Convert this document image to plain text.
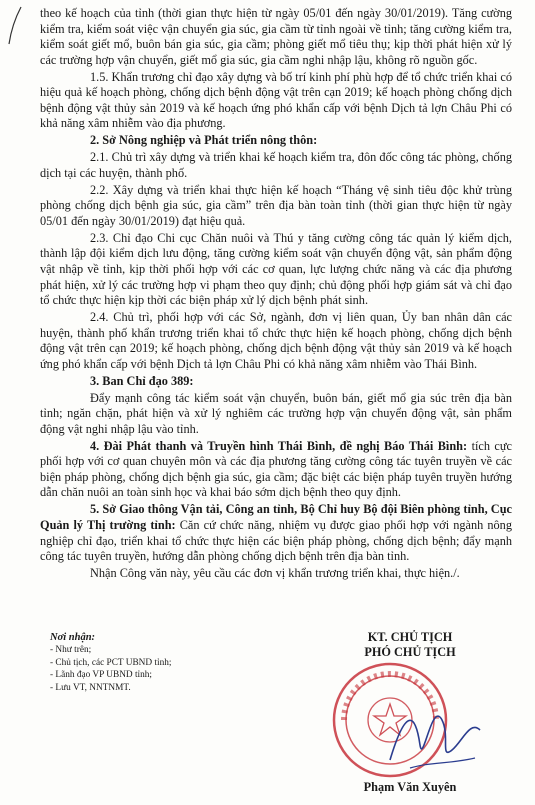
theo kế hoạch của tỉnh (thời gian thực hiện từ ngày 05/01 đến ngày 30/01/2019). Tăng cường kiểm tra, kiểm soát việc vận chuyển gia súc, gia cầm từ tỉnh ngoài về tỉnh; tăng cường kiểm tra, kiểm soát giết mổ, buôn bán gia súc, gia cầm; phòng giết mổ tiêu thụ; kịp thời phát hiện xử lý các trường hợp vận chuyển, giết mổ gia súc, gia cầm nghi nhập lậu, không rõ nguồn gốc.

1.5. Khẩn trương chỉ đạo xây dựng và bố trí kinh phí phù hợp để tổ chức triển khai có hiệu quả kế hoạch phòng, chống dịch bệnh động vật trên cạn 2019; kế hoạch phòng chống dịch bệnh động vật thủy sản 2019 và kế hoạch ứng phó khẩn cấp với bệnh Dịch tả lợn Châu Phi có khả năng xâm nhiễm vào địa phương.

2. Sở Nông nghiệp và Phát triển nông thôn:

2.1. Chủ trì xây dựng và triển khai kế hoạch kiểm tra, đôn đốc công tác phòng, chống dịch tại các huyện, thành phố.

2.2. Xây dựng và triển khai thực hiện kế hoạch “Tháng vệ sinh tiêu độc khử trùng phòng chống dịch bệnh gia súc, gia cầm” trên địa bàn toàn tỉnh (thời gian thực hiện từ ngày 05/01 đến ngày 30/01/2019) đạt hiệu quả.

2.3. Chỉ đạo Chi cục Chăn nuôi và Thú y tăng cường công tác quản lý kiểm dịch, thành lập đội kiểm dịch lưu động, tăng cường kiểm soát vận chuyển động vật, sản phẩm động vật nhập về tỉnh, kịp thời phối hợp với các cơ quan, lực lượng chức năng và các địa phương phát hiện, xử lý các trường hợp vi phạm theo quy định; chủ động phối hợp giám sát và chỉ đạo tổ chức thực hiện kịp thời các biện pháp xử lý dịch bệnh phát sinh.

2.4. Chủ trì, phối hợp với các Sở, ngành, đơn vị liên quan, Ủy ban nhân dân các huyện, thành phố khẩn trương triển khai tổ chức thực hiện kế hoạch phòng, chống dịch bệnh động vật trên cạn 2019; kế hoạch phòng, chống dịch bệnh động vật thủy sản 2019 và kế hoạch ứng phó khẩn cấp với bệnh Dịch tả lợn Châu Phi có khả năng xâm nhiễm vào Thái Bình.

3. Ban Chỉ đạo 389:

Đẩy mạnh công tác kiểm soát vận chuyển, buôn bán, giết mổ gia súc trên địa bàn tỉnh; ngăn chặn, phát hiện và xử lý nghiêm các trường hợp vận chuyển động vật, sản phẩm động vật nghi nhập lậu vào tỉnh.

4. Đài Phát thanh và Truyền hình Thái Bình, đề nghị Báo Thái Bình: tích cực phối hợp với cơ quan chuyên môn và các địa phương tăng cường công tác tuyên truyền về các biện pháp phòng, chống dịch bệnh gia súc, gia cầm; đặc biệt các biện pháp tuyên truyền hướng dẫn chăn nuôi an toàn sinh học và khai báo sớm dịch bệnh theo quy định.

5. Sở Giao thông Vận tải, Công an tỉnh, Bộ Chỉ huy Bộ đội Biên phòng tỉnh, Cục Quản lý Thị trường tỉnh: Căn cứ chức năng, nhiệm vụ được giao phối hợp với ngành nông nghiệp chỉ đạo, triển khai tổ chức thực hiện các biện pháp phòng, chống dịch bệnh; đẩy mạnh công tác tuyên truyền, hướng dẫn phòng chống dịch bệnh trên địa bàn tỉnh.

Nhận Công văn này, yêu cầu các đơn vị khẩn trương triển khai, thực hiện./.

Nơi nhận:
- Như trên;
- Chủ tịch, các PCT UBND tỉnh;
- Lãnh đạo VP UBND tỉnh;
- Lưu VT, NNTNMT.
KT. CHỦ TỊCH
PHÓ CHỦ TỊCH
Phạm Văn Xuyên
